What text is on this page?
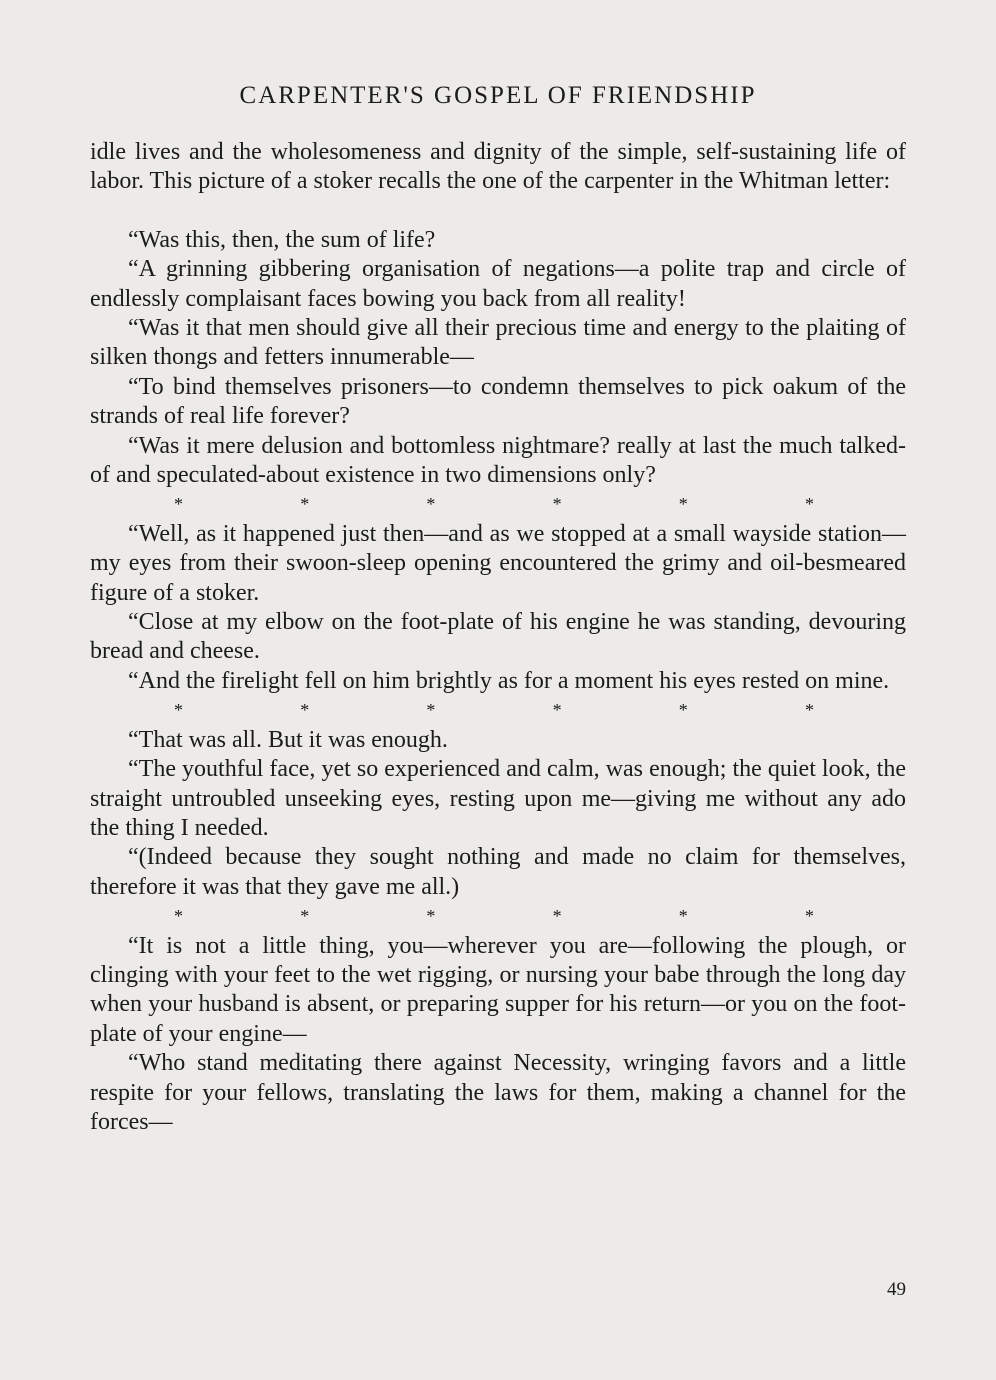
CARPENTER'S GOSPEL OF FRIENDSHIP

idle lives and the wholesomeness and dignity of the simple, self-sustaining life of labor. This picture of a stoker recalls the one of the carpenter in the Whitman letter:

“Was this, then, the sum of life?

“A grinning gibbering organisation of negations—a polite trap and circle of endlessly complaisant faces bowing you back from all reality!

“Was it that men should give all their precious time and energy to the plaiting of silken thongs and fetters innumerable—

“To bind themselves prisoners—to condemn themselves to pick oakum of the strands of real life forever?

“Was it mere delusion and bottomless nightmare? really at last the much talked-of and speculated-about existence in two dimensions only?

*	*	*	*	*	*

“Well, as it happened just then—and as we stopped at a small wayside station—my eyes from their swoon-sleep opening encountered the grimy and oil-besmeared figure of a stoker.

“Close at my elbow on the foot-plate of his engine he was standing, devouring bread and cheese.

“And the firelight fell on him brightly as for a moment his eyes rested on mine.

*	*	*	*	*	*

“That was all. But it was enough.

“The youthful face, yet so experienced and calm, was enough; the quiet look, the straight untroubled unseeking eyes, resting upon me—giving me without any ado the thing I needed.

“(Indeed because they sought nothing and made no claim for themselves, therefore it was that they gave me all.)

*	*	*	*	*	*

“It is not a little thing, you—wherever you are—following the plough, or clinging with your feet to the wet rigging, or nursing your babe through the long day when your husband is absent, or preparing supper for his return—or you on the foot-plate of your engine—

“Who stand meditating there against Necessity, wringing favors and a little respite for your fellows, translating the laws for them, making a channel for the forces—

49
